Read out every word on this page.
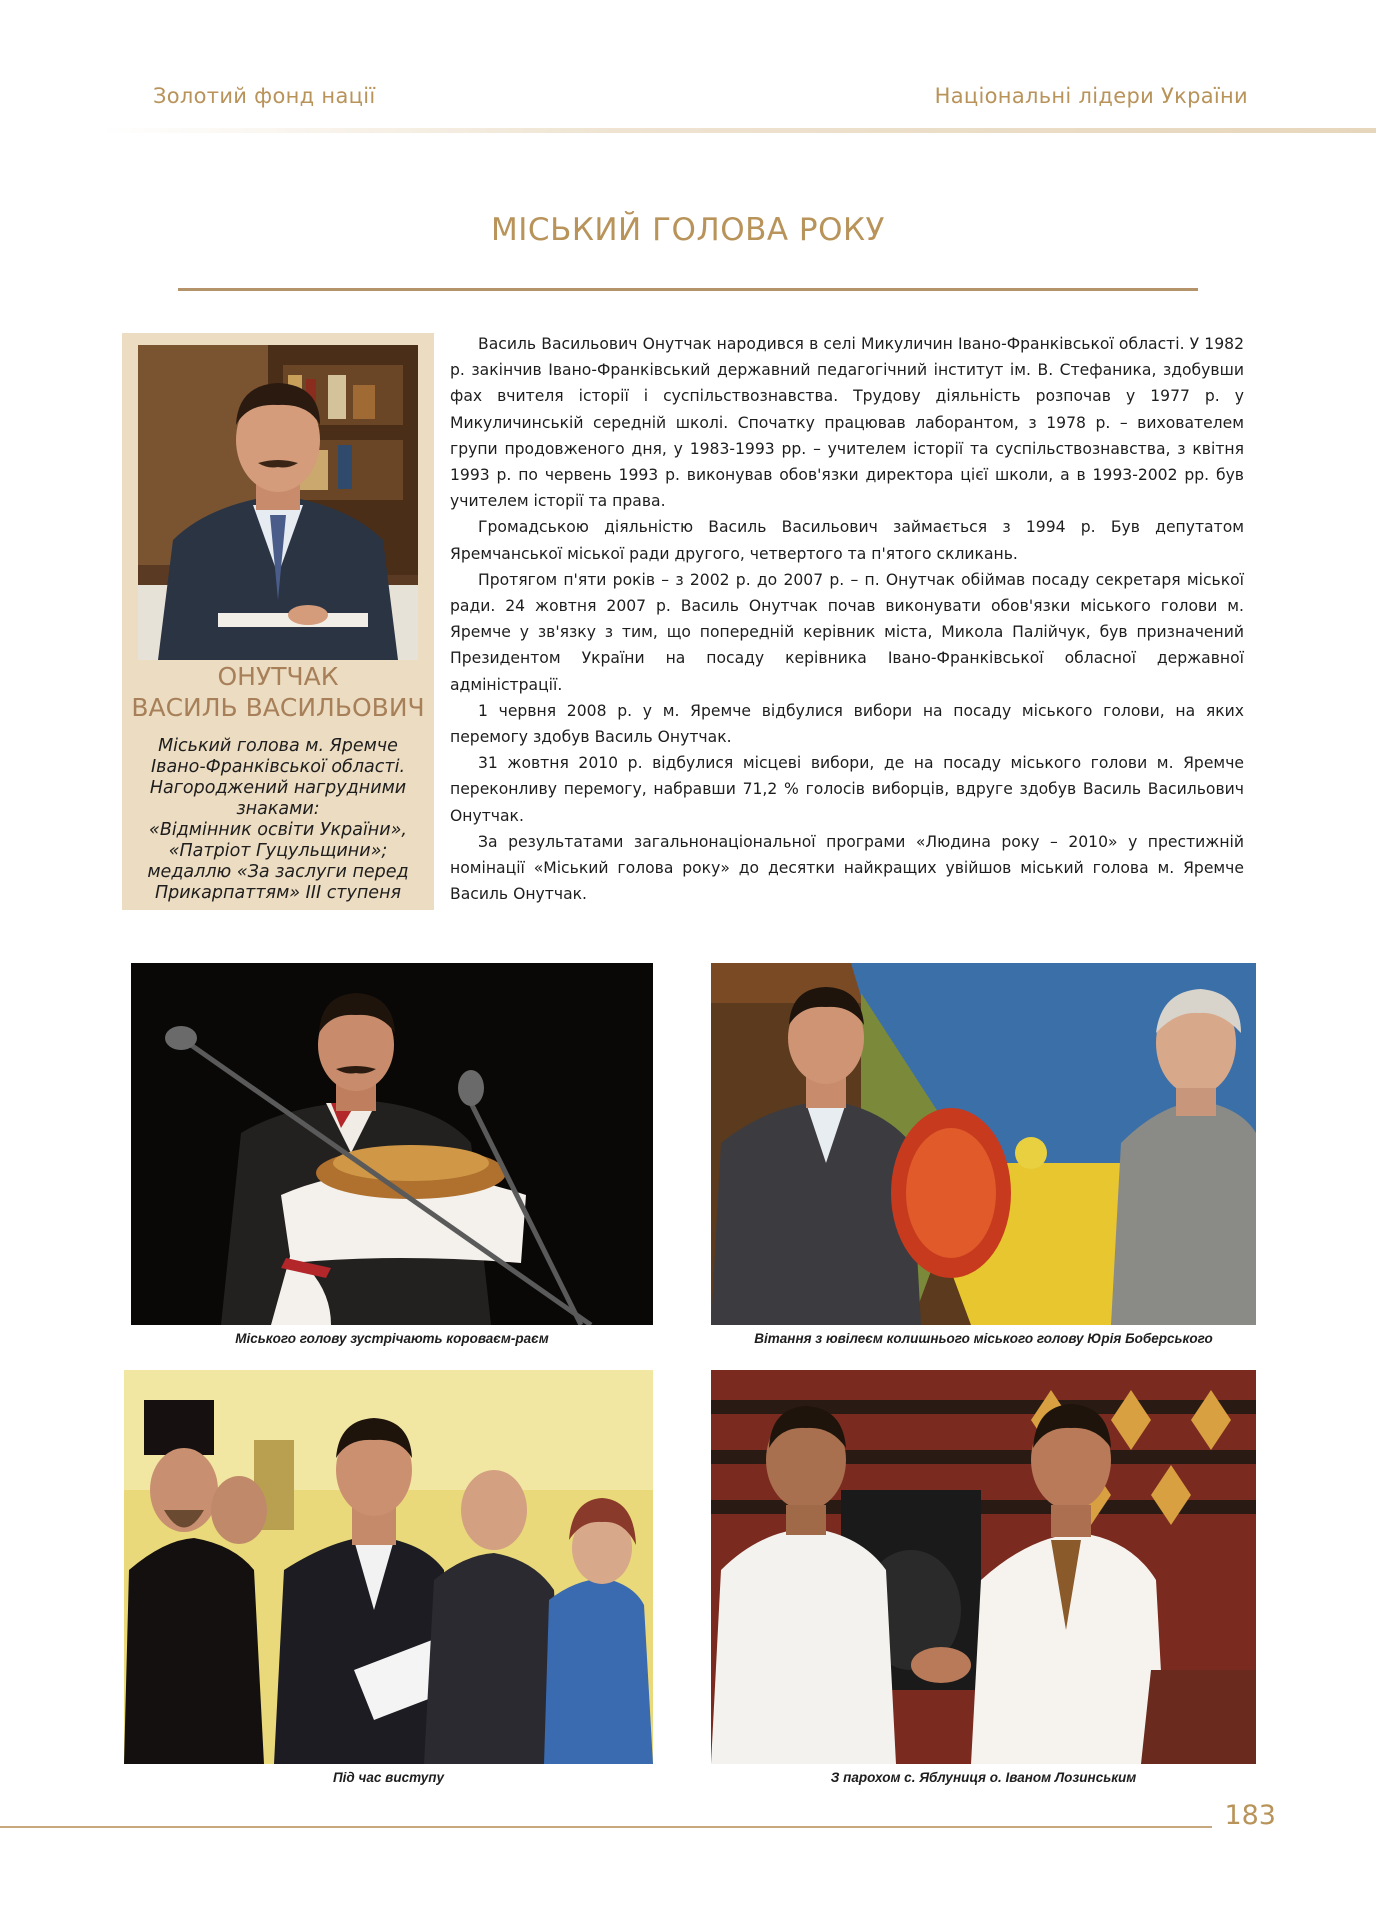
Золотий фонд нації	Національні лідери України
МІСЬКИЙ ГОЛОВА РОКУ
ОНУТЧАК
ВАСИЛЬ ВАСИЛЬОВИЧ
Міський голова м. Яремче
Івано-Франківської області.
Нагороджений нагрудними
знаками:
«Відмінник освіти України»,
«Патріот Гуцульщини»;
медаллю «За заслуги перед
Прикарпаттям» ІІІ ступеня

Василь Васильович Онутчак народився в селі Микуличин Івано-Франківської області. У 1982 р. закінчив Івано-Франківський державний педагогічний інститут ім. В. Стефаника, здобувши фах вчителя історії і суспільствознавства. Трудову діяльність розпочав у 1977 р. у Микуличинській середній школі. Спочатку працював лаборантом, з 1978 р. – вихователем групи продовженого дня, у 1983-1993 рр. – учителем історії та суспільствознавства, з квітня 1993 р. по червень 1993 р. виконував обов'язки директора цієї школи, а в 1993-2002 рр. був учителем історії та права.

Громадською діяльністю Василь Васильович займається з 1994 р. Був депутатом Яремчанської міської ради другого, четвертого та п'ятого скликань.

Протягом п'яти років – з 2002 р. до 2007 р. – п. Онутчак обіймав посаду секретаря міської ради. 24 жовтня 2007 р. Василь Онутчак почав виконувати обов'язки міського голови м. Яремче у зв'язку з тим, що попередній керівник міста, Микола Палійчук, був призначений Президентом України на посаду керівника Івано-Франківської обласної державної адміністрації.

1 червня 2008 р. у м. Яремче відбулися вибори на посаду міського голови, на яких перемогу здобув Василь Онутчак.

31 жовтня 2010 р. відбулися місцеві вибори, де на посаду міського голови м. Яремче переконливу перемогу, набравши 71,2 % голосів виборців, вдруге здобув Василь Васильович Онутчак.

За результатами загальнонаціональної програми «Людина року – 2010» у престижній номінації «Міський голова року» до десятки найкращих увійшов міський голова м. Яремче Василь Онутчак.

Міського голову зустрічають короваєм-раєм	Вітання з ювілеєм колишнього міського голову Юрія Боберського
Під час виступу	З парохом с. Яблуниця о. Іваном Лозинським
183
